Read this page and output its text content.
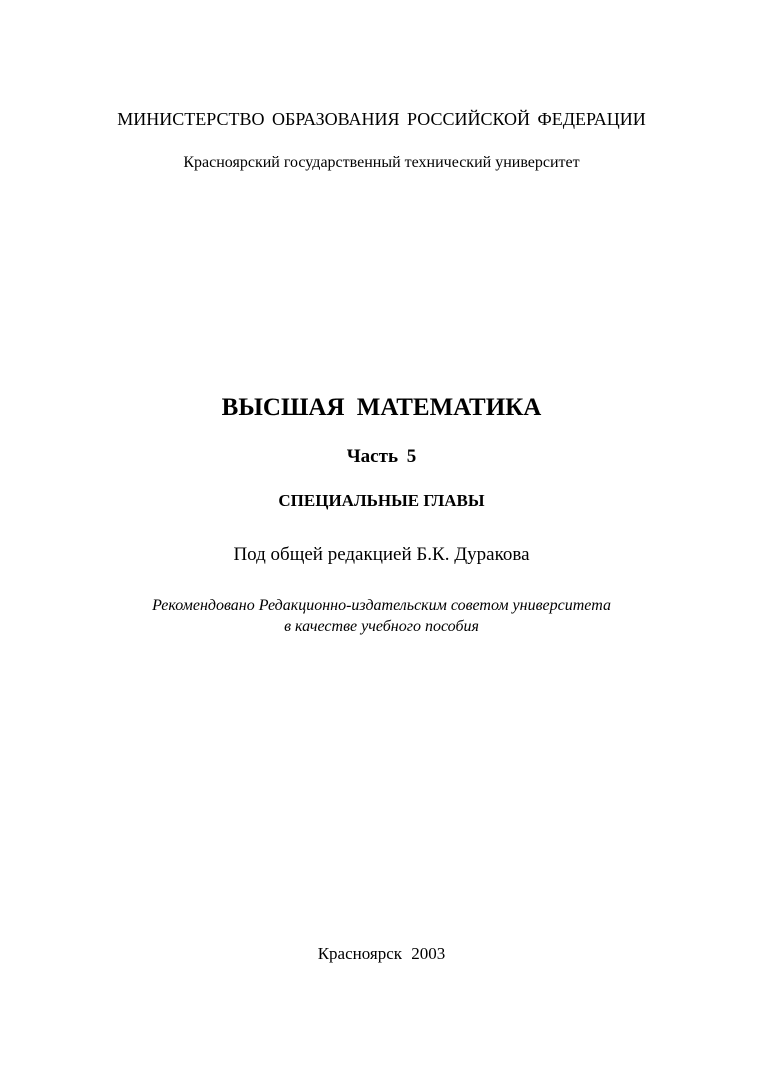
МИНИСТЕРСТВО ОБРАЗОВАНИЯ РОССИЙСКОЙ ФЕДЕРАЦИИ
Красноярский государственный технический университет
ВЫСШАЯ МАТЕМАТИКА
Часть 5
СПЕЦИАЛЬНЫЕ ГЛАВЫ
Под общей редакцией Б.К. Дуракова
Рекомендовано Редакционно-издательским советом университета
в качестве учебного пособия
Красноярск 2003
